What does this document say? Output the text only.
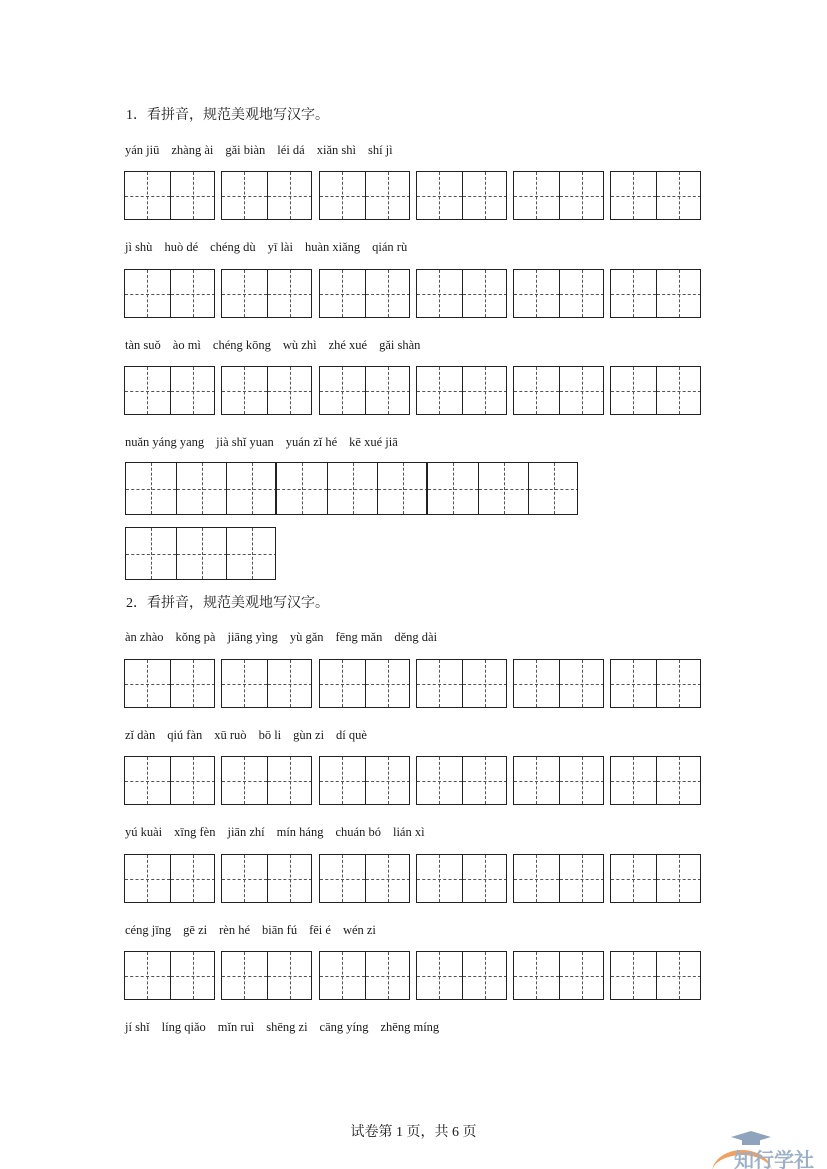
1．看拼音，规范美观地写汉字。
yán jiū zhàng ài gǎi biàn léi dá xiǎn shì shí jì
jì shù huò dé chéng dù yī lài huàn xiǎng qián rù
tàn suǒ ào mì chéng kōng wù zhì zhé xué gǎi shàn
nuǎn yáng yang jià shǐ yuan yuán zǐ hé kē xué jiā
2．看拼音，规范美观地写汉字。
àn zhào kǒng pà jiāng yìng yù gǎn fēng mǎn děng dài
zǐ dàn qiú fàn xū ruò bō li gùn zi dí què
yú kuài xīng fèn jiān zhí mín háng chuán bó lián xì
céng jīng gē zi rèn hé biān fú fēi é wén zi
jí shǐ líng qiǎo mǐn ruì shēng zi cāng yíng zhēng míng
试卷第 1 页，共 6 页
知行学社
